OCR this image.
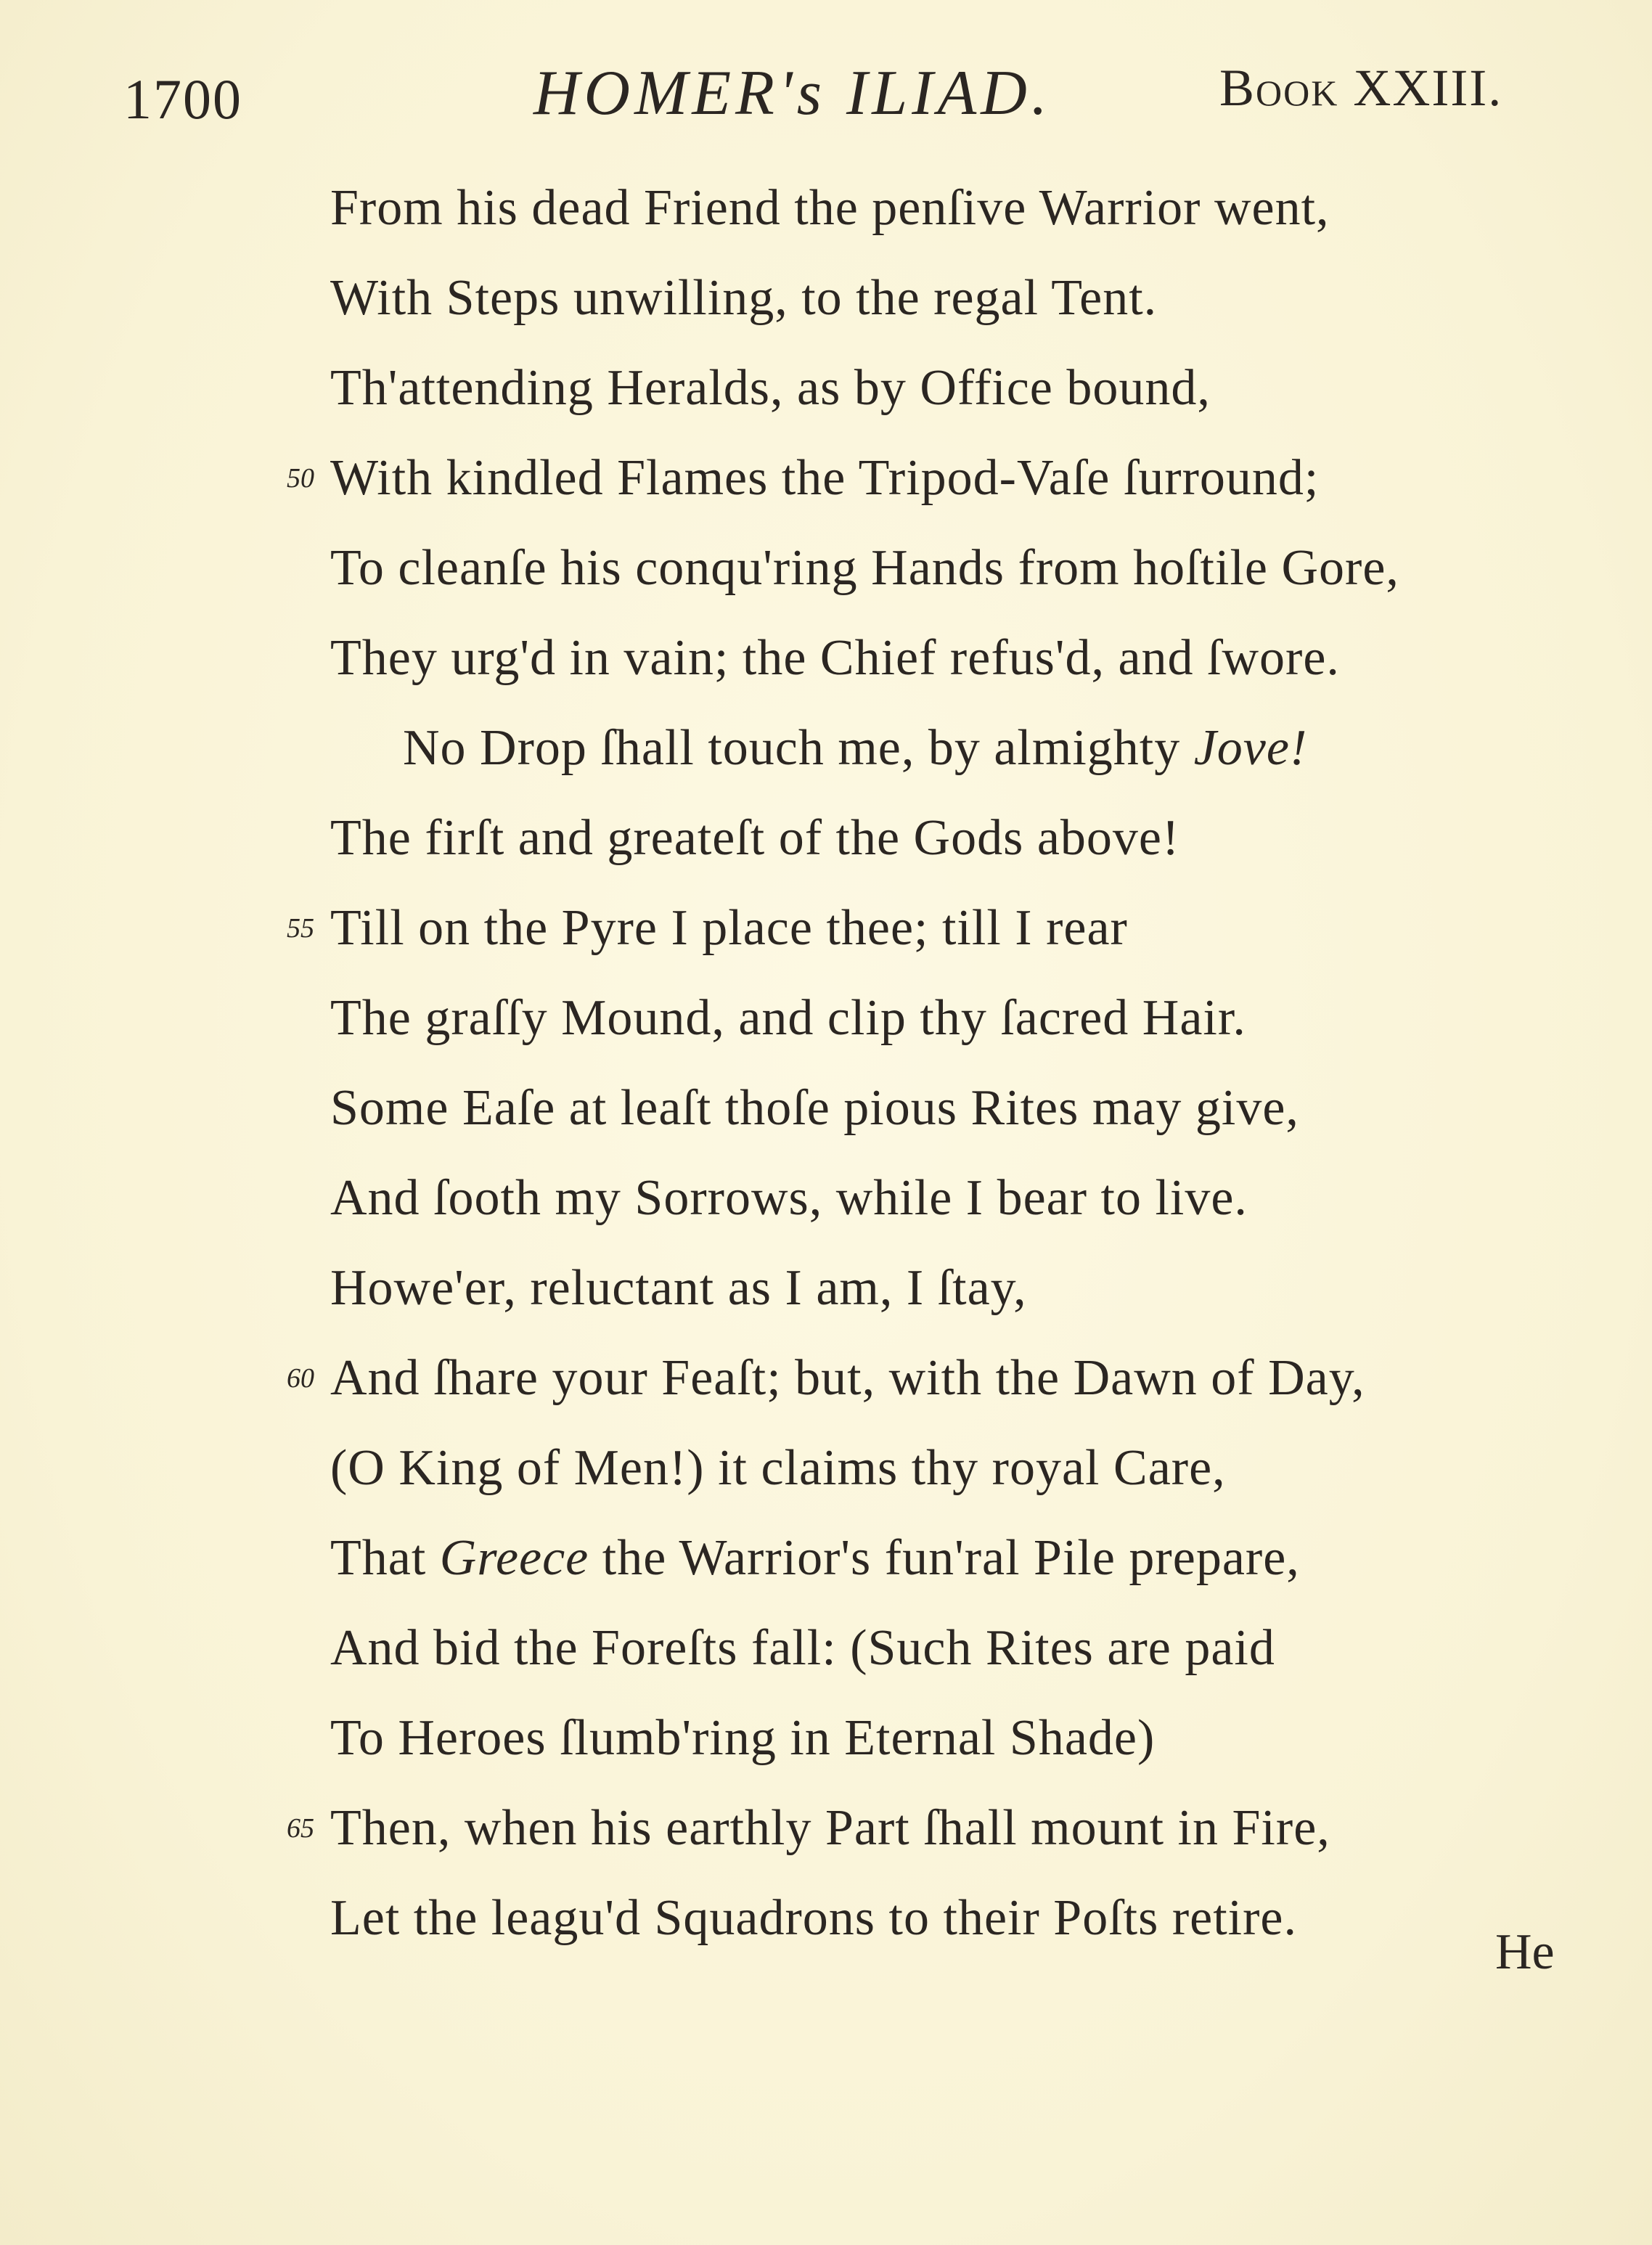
1700	HOMER's ILIAD.	Book XXIII.
From his dead Friend the penſive Warrior went,
With Steps unwilling, to the regal Tent.
Th'attending Heralds, as by Office bound,
50 With kindled Flames the Tripod-Vaſe ſurround;
To cleanſe his conqu'ring Hands from hoſtile Gore,
They urg'd in vain; the Chief refus'd, and ſwore.
No Drop ſhall touch me, by almighty Jove!
The firſt and greateſt of the Gods above!
55 Till on the Pyre I place thee; till I rear
The graſſy Mound, and clip thy ſacred Hair.
Some Eaſe at leaſt thoſe pious Rites may give,
And ſooth my Sorrows, while I bear to live.
Howe'er, reluctant as I am, I ſtay,
60 And ſhare your Feaſt; but, with the Dawn of Day,
(O King of Men!) it claims thy royal Care,
That Greece the Warrior's fun'ral Pile prepare,
And bid the Foreſts fall: (Such Rites are paid
To Heroes ſlumb'ring in Eternal Shade)
65 Then, when his earthly Part ſhall mount in Fire,
Let the leagu'd Squadrons to their Poſts retire.
He
